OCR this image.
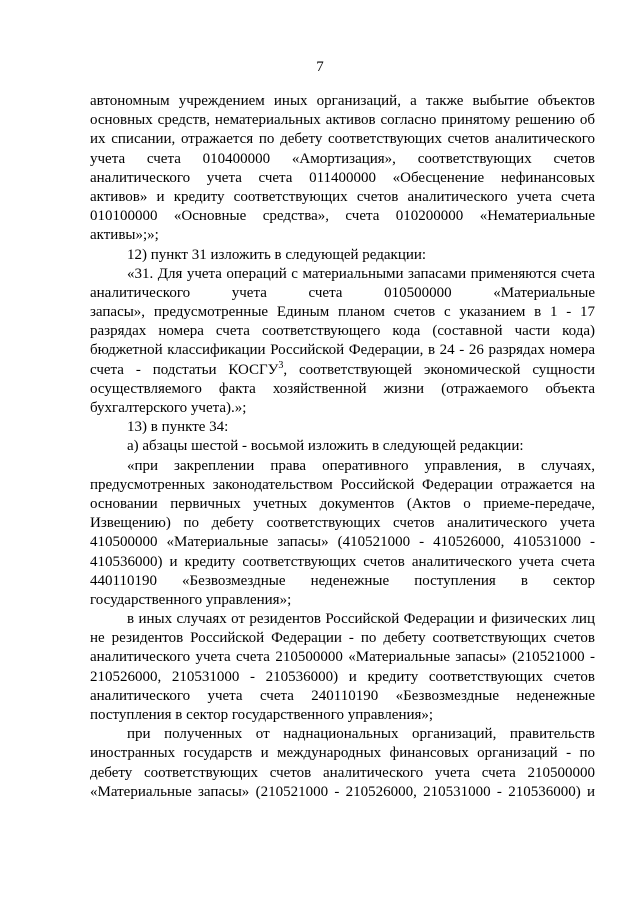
7
автономным учреждением иных организаций, а также выбытие объектов
основных средств, нематериальных активов согласно принятому решению об
их списании, отражается по дебету соответствующих счетов аналитического
учета счета 010400000 «Амортизация», соответствующих счетов
аналитического учета счета 011400000 «Обесценение нефинансовых
активов» и кредиту соответствующих счетов аналитического учета счета
010100000 «Основные средства», счета 010200000 «Нематериальные
активы»;»;
12) пункт 31 изложить в следующей редакции:
«31. Для учета операций с материальными запасами применяются счета
аналитического учета счета 010500000 «Материальные
запасы», предусмотренные Единым планом счетов с указанием в 1 - 17
разрядах номера счета соответствующего кода (составной части кода)
бюджетной классификации Российской Федерации, в 24 - 26 разрядах номера
счета - подстатьи КОСГУ$^3$, соответствующей экономической сущности
осуществляемого факта хозяйственной жизни (отражаемого объекта
бухгалтерского учета).»;
13) в пункте 34:
а) абзацы шестой - восьмой изложить в следующей редакции:
«при закреплении права оперативного управления, в случаях,
предусмотренных законодательством Российской Федерации отражается на
основании первичных учетных документов (Актов о приеме-передаче,
Извещению) по дебету соответствующих счетов аналитического учета
410500000 «Материальные запасы» (410521000 - 410526000, 410531000 -
410536000) и кредиту соответствующих счетов аналитического учета счета
440110190 «Безвозмездные неденежные поступления в сектор
государственного управления»;
в иных случаях от резидентов Российской Федерации и физических лиц
не резидентов Российской Федерации - по дебету соответствующих счетов
аналитического учета счета 210500000 «Материальные запасы» (210521000 -
210526000, 210531000 - 210536000) и кредиту соответствующих счетов
аналитического учета счета 240110190 «Безвозмездные неденежные
поступления в сектор государственного управления»;
при полученных от наднациональных организаций, правительств
иностранных государств и международных финансовых организаций - по
дебету соответствующих счетов аналитического учета счета 210500000
«Материальные запасы» (210521000 - 210526000, 210531000 - 210536000) и
